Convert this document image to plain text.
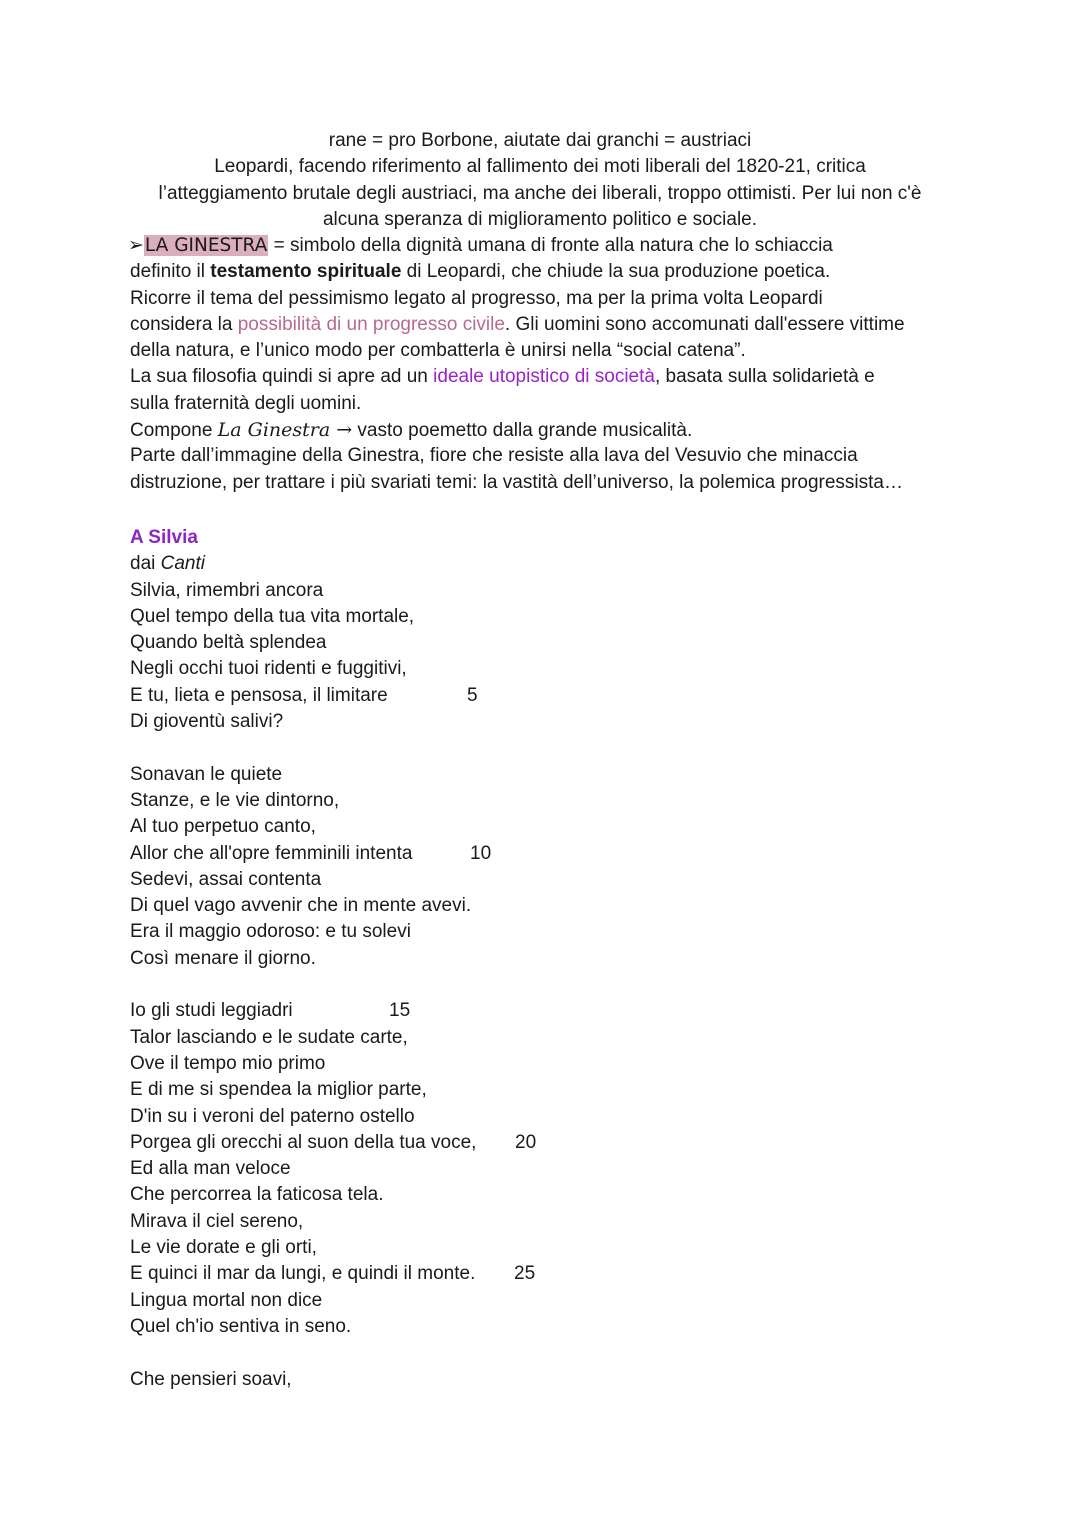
rane = pro Borbone, aiutate dai granchi = austriaci
Leopardi, facendo riferimento al fallimento dei moti liberali del 1820-21, critica
l’atteggiamento brutale degli austriaci, ma anche dei liberali, troppo ottimisti. Per lui non c'è
alcuna speranza di miglioramento politico e sociale.
➢LA GINESTRA = simbolo della dignità umana di fronte alla natura che lo schiaccia
definito il testamento spirituale di Leopardi, che chiude la sua produzione poetica.
Ricorre il tema del pessimismo legato al progresso, ma per la prima volta Leopardi
considera la possibilità di un progresso civile. Gli uomini sono accomunati dall'essere vittime
della natura, e l’unico modo per combatterla è unirsi nella “social catena”.
La sua filosofia quindi si apre ad un ideale utopistico di società, basata sulla solidarietà e
sulla fraternità degli uomini.
Compone La Ginestra → vasto poemetto dalla grande musicalità.
Parte dall’immagine della Ginestra, fiore che resiste alla lava del Vesuvio che minaccia
distruzione, per trattare i più svariati temi: la vastità dell’universo, la polemica progressista…
A Silvia
dai Canti
Silvia, rimembri ancora
Quel tempo della tua vita mortale,
Quando beltà splendea
Negli occhi tuoi ridenti e fuggitivi,
E tu, lieta e pensosa, il limitare	5
Di gioventù salivi?
Sonavan le quiete
Stanze, e le vie dintorno,
Al tuo perpetuo canto,
Allor che all'opre femminili intenta	10
Sedevi, assai contenta
Di quel vago avvenir che in mente avevi.
Era il maggio odoroso: e tu solevi
Così menare il giorno.
Io gli studi leggiadri	15
Talor lasciando e le sudate carte,
Ove il tempo mio primo
E di me si spendea la miglior parte,
D'in su i veroni del paterno ostello
Porgea gli orecchi al suon della tua voce, 20
Ed alla man veloce
Che percorrea la faticosa tela.
Mirava il ciel sereno,
Le vie dorate e gli orti,
E quinci il mar da lungi, e quindi il monte. 25
Lingua mortal non dice
Quel ch'io sentiva in seno.
Che pensieri soavi,
